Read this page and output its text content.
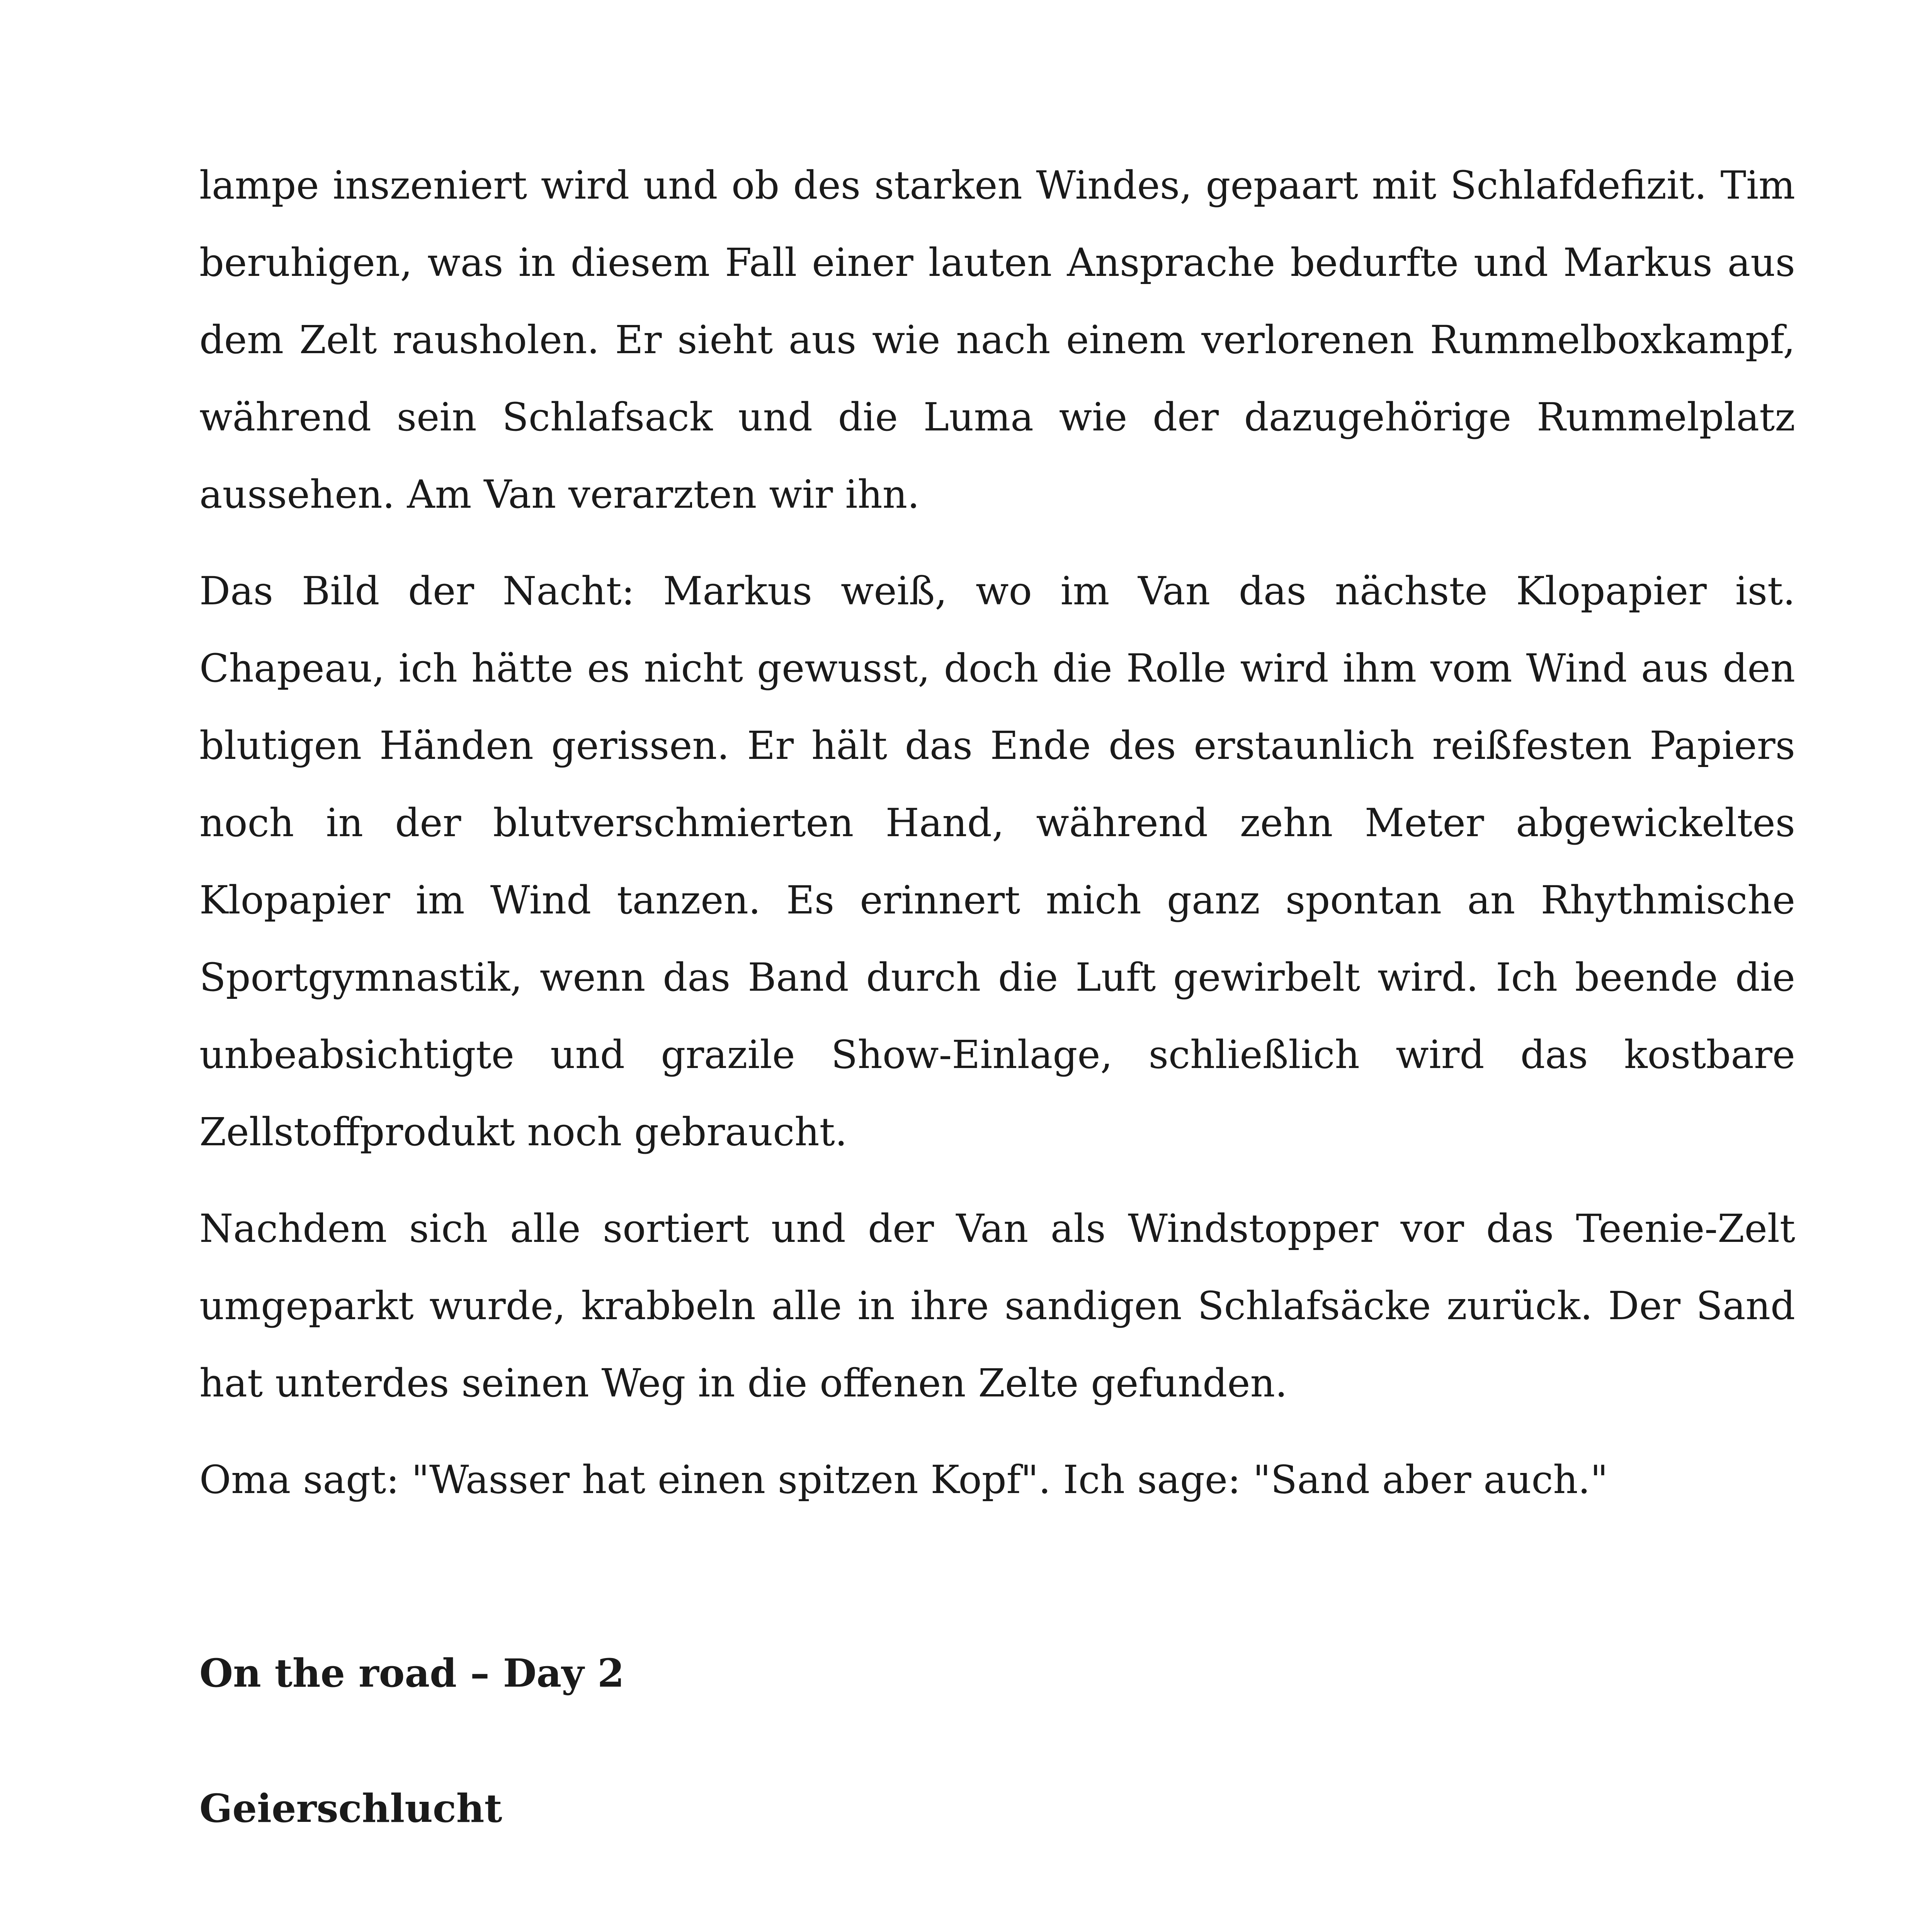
lampe inszeniert wird und ob des starken Windes, gepaart mit Schlafdefizit. Tim beruhigen, was in diesem Fall einer lauten Ansprache bedurfte und Markus aus dem Zelt rausholen. Er sieht aus wie nach einem verlorenen Rummelboxkampf, während sein Schlafsack und die Luma wie der dazugehörige Rummelplatz aussehen. Am Van verarzten wir ihn.

Das Bild der Nacht: Markus weiß, wo im Van das nächste Klopapier ist. Chapeau, ich hätte es nicht gewusst, doch die Rolle wird ihm vom Wind aus den blutigen Händen gerissen. Er hält das Ende des erstaunlich reißfesten Papiers noch in der blutverschmierten Hand, während zehn Meter abgewickeltes Klopapier im Wind tanzen. Es erinnert mich ganz spontan an Rhythmische Sportgymnastik, wenn das Band durch die Luft gewirbelt wird. Ich beende die unbeabsichtigte und grazile Show-Einlage, schließlich wird das kostbare Zellstoffprodukt noch gebraucht.

Nachdem sich alle sortiert und der Van als Windstopper vor das Teenie-Zelt umgeparkt wurde, krabbeln alle in ihre sandigen Schlafsäcke zurück. Der Sand hat unterdes seinen Weg in die offenen Zelte gefunden.

Oma sagt: "Wasser hat einen spitzen Kopf". Ich sage: "Sand aber auch."

On the road – Day 2
Geierschlucht
